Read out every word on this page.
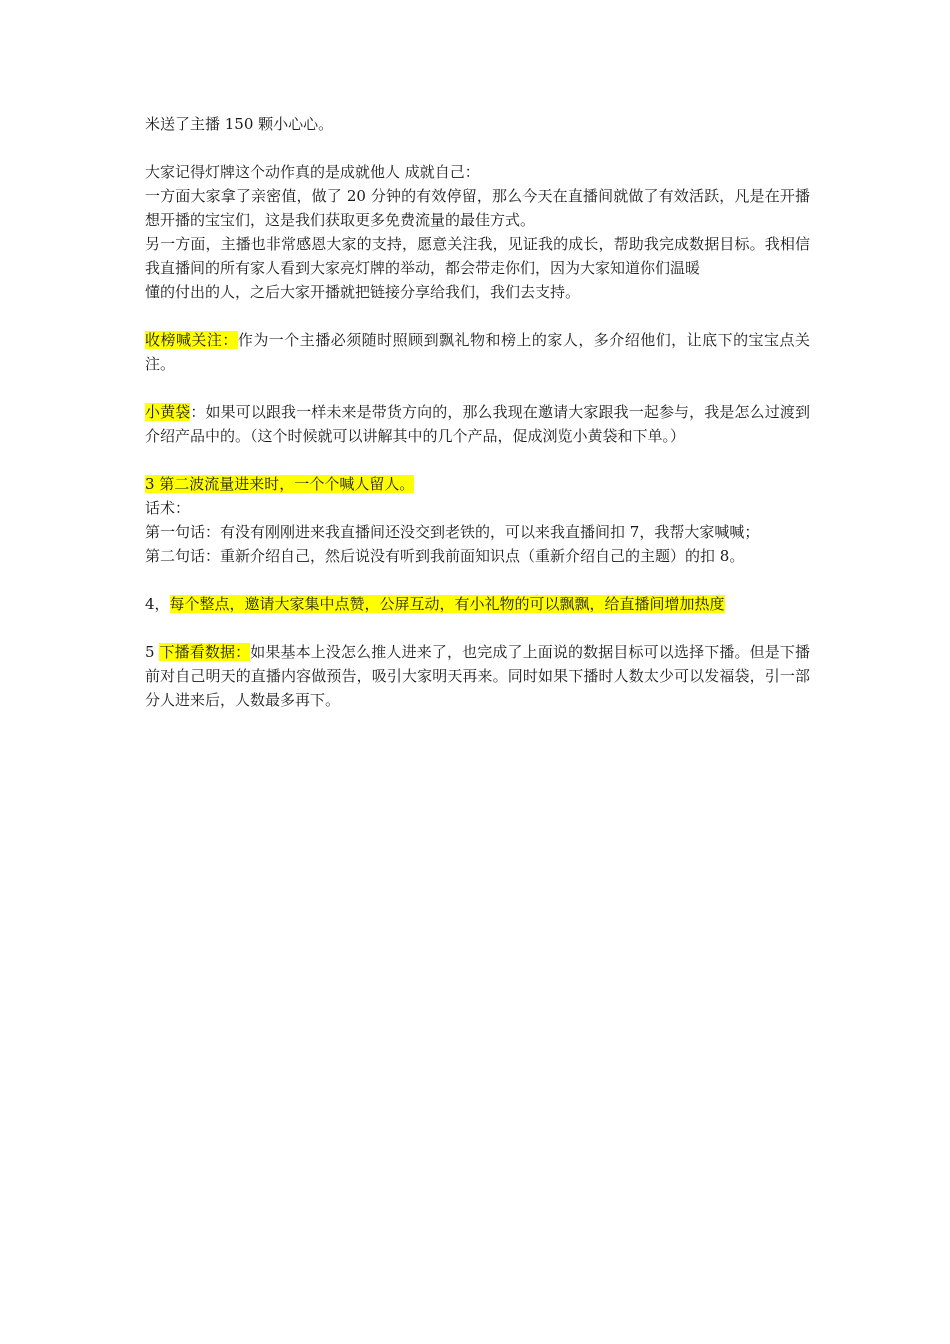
米送了主播 150 颗小心心。

大家记得灯牌这个动作真的是成就他人 成就自己：

一方面大家拿了亲密值，做了 20 分钟的有效停留，那么今天在直播间就做了有效活跃，凡是在开播想开播的宝宝们，这是我们获取更多免费流量的最佳方式。

另一方面，主播也非常感恩大家的支持，愿意关注我，见证我的成长，帮助我完成数据目标。我相信我直播间的所有家人看到大家亮灯牌的举动，都会带走你们，因为大家知道你们温暖

懂的付出的人，之后大家开播就把链接分享给我们，我们去支持。

收榜喊关注：作为一个主播必须随时照顾到飘礼物和榜上的家人，多介绍他们，让底下的宝宝点关注。

小黄袋：如果可以跟我一样未来是带货方向的，那么我现在邀请大家跟我一起参与，我是怎么过渡到介绍产品中的。（这个时候就可以讲解其中的几个产品，促成浏览小黄袋和下单。）

3 第二波流量进来时，一个个喊人留人。

话术：

第一句话：有没有刚刚进来我直播间还没交到老铁的，可以来我直播间扣 7，我帮大家喊喊；

第二句话：重新介绍自己，然后说没有听到我前面知识点（重新介绍自己的主题）的扣 8。

4，每个整点，邀请大家集中点赞，公屏互动，有小礼物的可以飘飘，给直播间增加热度

5 下播看数据：如果基本上没怎么推人进来了，也完成了上面说的数据目标可以选择下播。但是下播前对自己明天的直播内容做预告，吸引大家明天再来。同时如果下播时人数太少可以发福袋，引一部分人进来后，人数最多再下。
